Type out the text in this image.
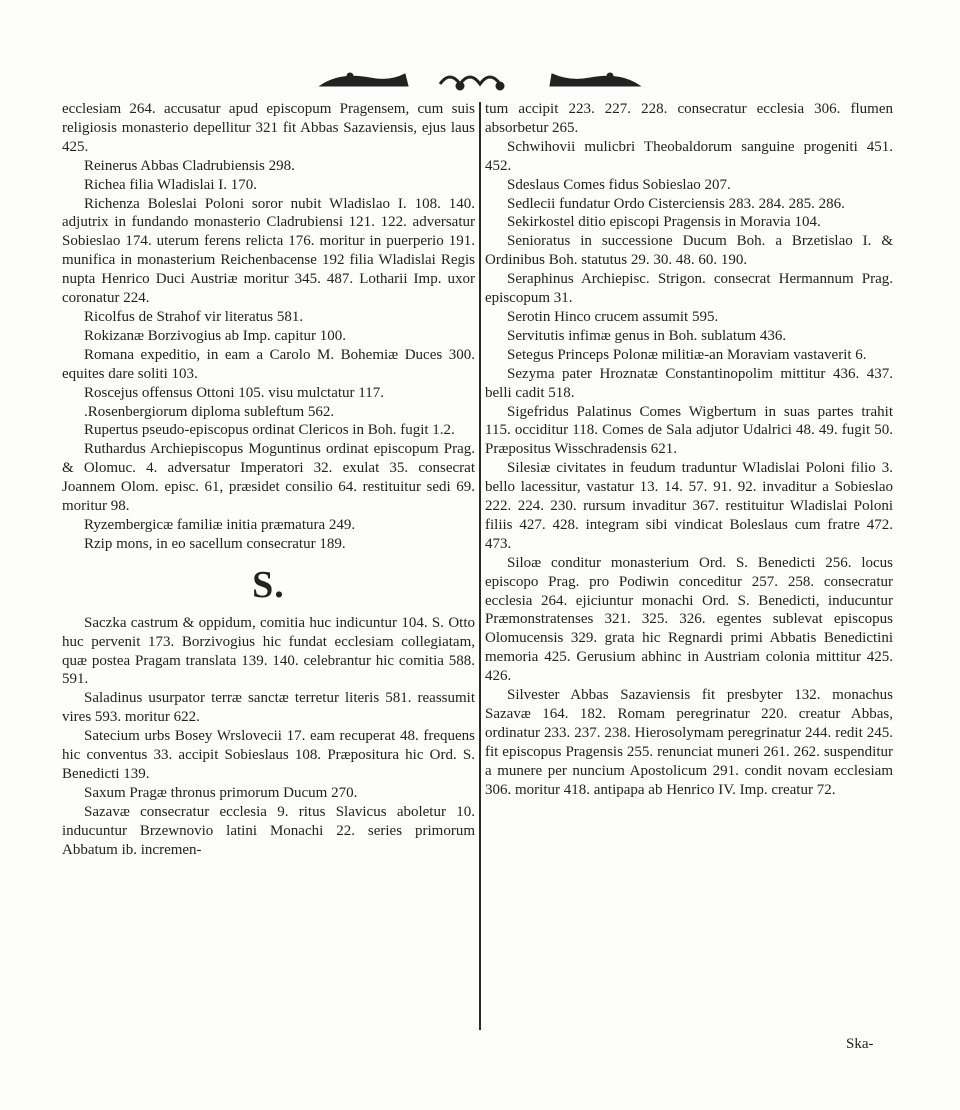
ecclesiam 264. accusatur apud episcopum Pragensem, cum suis religiosis monasterio depellitur 321 fit Abbas Sazaviensis, ejus laus 425.

Reinerus Abbas Cladrubiensis 298.

Richea filia Wladislai I. 170.

Richenza Boleslai Poloni soror nubit Wladislao I. 108. 140. adjutrix in fundando monasterio Cladrubiensi 121. 122. adversatur Sobieslao 174. uterum ferens relicta 176. moritur in puerperio 191. munifica in monasterium Reichenbacense 192 filia Wladislai Regis nupta Henrico Duci Austriæ moritur 345. 487. Lotharii Imp. uxor coronatur 224.

Ricolfus de Strahof vir literatus 581.

Rokizanæ Borzivogius ab Imp. capitur 100.

Romana expeditio, in eam a Carolo M. Bohemiæ Duces 300. equites dare soliti 103.

Roscejus offensus Ottoni 105. visu mulctatur 117.

.Rosenbergiorum diploma subleftum 562.

Rupertus pseudo-episcopus ordinat Clericos in Boh. fugit 1.2.

Ruthardus Archiepiscopus Moguntinus ordinat episcopum Prag. & Olomuc. 4. adversatur Imperatori 32. exulat 35. consecrat Joannem Olom. episc. 61, præsidet consilio 64. restituitur sedi 69. moritur 98.

Ryzembergicæ familiæ initia præmatura 249.

Rzip mons, in eo sacellum consecratur 189.

S.

Saczka castrum & oppidum, comitia huc indicuntur 104. S. Otto huc pervenit 173. Borzivogius hic fundat ecclesiam collegiatam, quæ postea Pragam translata 139. 140. celebrantur hic comitia 588. 591.

Saladinus usurpator terræ sanctæ terretur literis 581. reassumit vires 593. moritur 622.

Satecium urbs Bosey Wrslovecii 17. eam recuperat 48. frequens hic conventus 33. accipit Sobieslaus 108. Præpositura hic Ord. S. Benedicti 139.

Saxum Pragæ thronus primorum Ducum 270.

Sazavæ consecratur ecclesia 9. ritus Slavicus aboletur 10. inducuntur Brzewnovio latini Monachi 22. series primorum Abbatum ib. incremen-

tum accipit 223. 227. 228. consecratur ecclesia 306. flumen absorbetur 265.

Schwihovii mulicbri Theobaldorum sanguine progeniti 451. 452.

Sdeslaus Comes fidus Sobieslao 207.

Sedlecii fundatur Ordo Cisterciensis 283. 284. 285. 286.

Sekirkostel ditio episcopi Pragensis in Moravia 104.

Senioratus in successione Ducum Boh. a Brzetislao I. & Ordinibus Boh. statutus 29. 30. 48. 60. 190.

Seraphinus Archiepisc. Strigon. consecrat Hermannum Prag. episcopum 31.

Serotin Hinco crucem assumit 595.

Servitutis infimæ genus in Boh. sublatum 436.

Setegus Princeps Polonæ militiæ-an Moraviam vastaverit 6.

Sezyma pater Hroznatæ Constantinopolim mittitur 436. 437. belli cadit 518.

Sigefridus Palatinus Comes Wigbertum in suas partes trahit 115. occiditur 118. Comes de Sala adjutor Udalrici 48. 49. fugit 50. Præpositus Wisschradensis 621.

Silesiæ civitates in feudum traduntur Wladislai Poloni filio 3. bello lacessitur, vastatur 13. 14. 57. 91. 92. invaditur a Sobieslao 222. 224. 230. rursum invaditur 367. restituitur Wladislai Poloni filiis 427. 428. integram sibi vindicat Boleslaus cum fratre 472. 473.

Siloæ conditur monasterium Ord. S. Benedicti 256. locus episcopo Prag. pro Podiwin conceditur 257. 258. consecratur ecclesia 264. ejiciuntur monachi Ord. S. Benedicti, inducuntur Præmonstratenses 321. 325. 326. egentes sublevat episcopus Olomucensis 329. grata hic Regnardi primi Abbatis Benedictini memoria 425. Gerusium abhinc in Austriam colonia mittitur 425. 426.

Silvester Abbas Sazaviensis fit presbyter 132. monachus Sazavæ 164. 182. Romam peregrinatur 220. creatur Abbas, ordinatur 233. 237. 238. Hierosolymam peregrinatur 244. redit 245. fit episcopus Pragensis 255. renunciat muneri 261. 262. suspenditur a munere per nuncium Apostolicum 291. condit novam ecclesiam 306. moritur 418. antipapa ab Henrico IV. Imp. creatur 72.

Ska-
